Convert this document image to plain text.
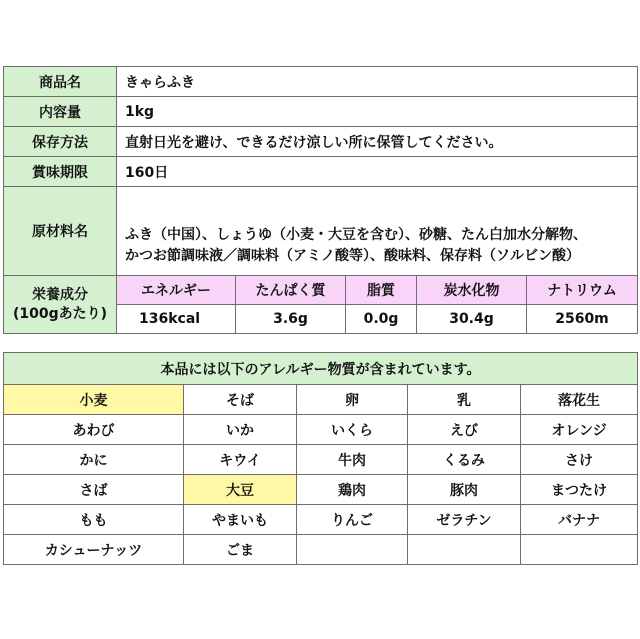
商品名	きゃらふき				
内容量	1kg				
保存方法	直射日光を避け、できるだけ涼しい所に保管してください。				
賞味期限	160日				
原材料名	ふき（中国）、しょうゆ（小麦・大豆を含む）、砂糖、たん白加水分解物、
かつお節調味液／調味料（アミノ酸等）、酸味料、保存料（ソルビン酸）				

栄養成分
(100gあたり)	エネルギー	たんぱく質	脂質	炭水化物	ナトリウム
	136kcal	3.6g	0.0g	30.4g	2560m
本品には以下のアレルギー物質が含まれています。				
小麦	そば	卵	乳	落花生
あわび	いか	いくら	えび	オレンジ
かに	キウイ	牛肉	くるみ	さけ
さば	大豆	鶏肉	豚肉	まつたけ
もも	やまいも	りんご	ゼラチン	バナナ
カシューナッツ	ごま			
